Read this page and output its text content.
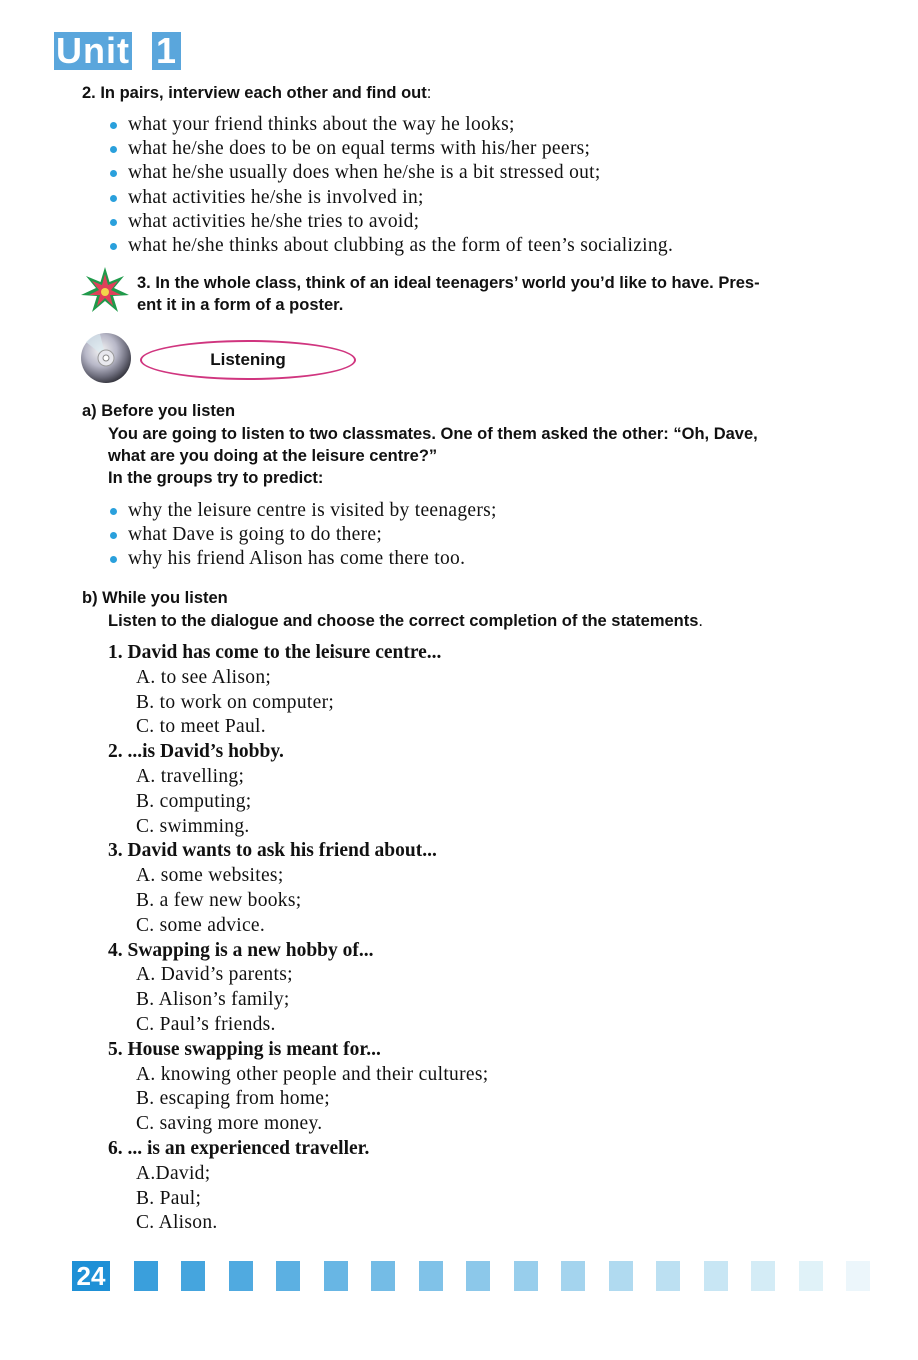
Unit 1
2. In pairs, interview each other and find out:
what your friend thinks about the way he looks;
what he/she does to be on equal terms with his/her peers;
what he/she usually does when he/she is a bit stressed out;
what activities he/she is involved in;
what activities he/she tries to avoid;
what he/she thinks about clubbing as the form of teen’s socializing.
3. In the whole class, think of an ideal teenagers’ world you’d like to have. Pres-
ent it in a form of a poster.
Listening
a) Before you listen
You are going to listen to two classmates. One of them asked the other: “Oh, Dave,
what are you doing at the leisure centre?”
In the groups try to predict:
why the leisure centre is visited by teenagers;
what Dave is going to do there;
why his friend Alison has come there too.
b) While you listen
Listen to the dialogue and choose the correct completion of the statements.
1. David has come to the leisure centre...
A. to see Alison;
B. to work on computer;
C. to meet Paul.
2. ...is David’s hobby.
A. travelling;
B. computing;
C. swimming.
3. David wants to ask his friend about...
A. some websites;
B. a few new books;
C. some advice.
4. Swapping is a new hobby of...
A. David’s parents;
B. Alison’s family;
C. Paul’s friends.
5. House swapping is meant for...
A. knowing other people and their cultures;
B. escaping from home;
C. saving more money.
6. ... is an experienced traveller.
A.David;
B. Paul;
C. Alison.
24
